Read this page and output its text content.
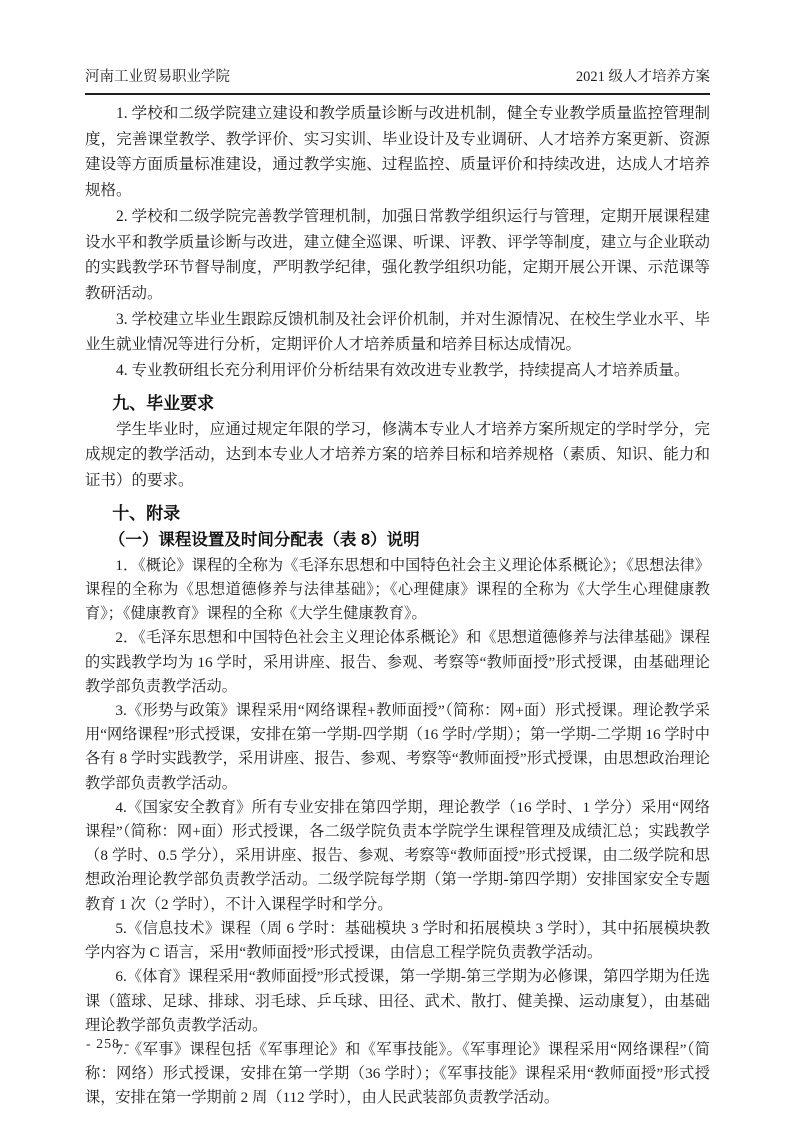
河南工业贸易职业学院	2021 级人才培养方案

1. 学校和二级学院建立建设和教学质量诊断与改进机制，健全专业教学质量监控管理制度，完善课堂教学、教学评价、实习实训、毕业设计及专业调研、人才培养方案更新、资源建设等方面质量标准建设，通过教学实施、过程监控、质量评价和持续改进，达成人才培养规格。

2. 学校和二级学院完善教学管理机制，加强日常教学组织运行与管理，定期开展课程建设水平和教学质量诊断与改进，建立健全巡课、听课、评教、评学等制度，建立与企业联动的实践教学环节督导制度，严明教学纪律，强化教学组织功能，定期开展公开课、示范课等教研活动。

3. 学校建立毕业生跟踪反馈机制及社会评价机制，并对生源情况、在校生学业水平、毕业生就业情况等进行分析，定期评价人才培养质量和培养目标达成情况。

4. 专业教研组长充分利用评价分析结果有效改进专业教学，持续提高人才培养质量。

九、毕业要求

学生毕业时，应通过规定年限的学习，修满本专业人才培养方案所规定的学时学分，完成规定的教学活动，达到本专业人才培养方案的培养目标和培养规格（素质、知识、能力和证书）的要求。

十、附录
（一）课程设置及时间分配表（表 8）说明

1．《概论》课程的全称为《毛泽东思想和中国特色社会主义理论体系概论》；《思想法律》课程的全称为《思想道德修养与法律基础》；《心理健康》课程的全称为《大学生心理健康教育》；《健康教育》课程的全称《大学生健康教育》。

2．《毛泽东思想和中国特色社会主义理论体系概论》和《思想道德修养与法律基础》课程的实践教学均为 16 学时，采用讲座、报告、参观、考察等“教师面授”形式授课，由基础理论教学部负责教学活动。

3.《形势与政策》课程采用“网络课程+教师面授”（简称：网+面）形式授课。理论教学采用“网络课程”形式授课，安排在第一学期-四学期（16 学时/学期）；第一学期-二学期 16 学时中各有 8 学时实践教学，采用讲座、报告、参观、考察等“教师面授”形式授课，由思想政治理论教学部负责教学活动。

4.《国家安全教育》所有专业安排在第四学期，理论教学（16 学时、1 学分）采用“网络课程”（简称：网+面）形式授课，各二级学院负责本学院学生课程管理及成绩汇总；实践教学（8 学时、0.5 学分），采用讲座、报告、参观、考察等“教师面授”形式授课，由二级学院和思想政治理论教学部负责教学活动。二级学院每学期（第一学期-第四学期）安排国家安全专题教育 1 次（2 学时），不计入课程学时和学分。

5.《信息技术》课程（周 6 学时：基础模块 3 学时和拓展模块 3 学时），其中拓展模块教学内容为 C 语言，采用“教师面授”形式授课，由信息工程学院负责教学活动。

6.《体育》课程采用“教师面授”形式授课，第一学期-第三学期为必修课，第四学期为任选课（篮球、足球、排球、羽毛球、乒乓球、田径、武术、散打、健美操、运动康复），由基础理论教学部负责教学活动。

7.《军事》课程包括《军事理论》和《军事技能》。《军事理论》课程采用“网络课程”（简称：网络）形式授课，安排在第一学期（36 学时）；《军事技能》课程采用“教师面授”形式授课，安排在第一学期前 2 周（112 学时），由人民武装部负责教学活动。

- 258 -
